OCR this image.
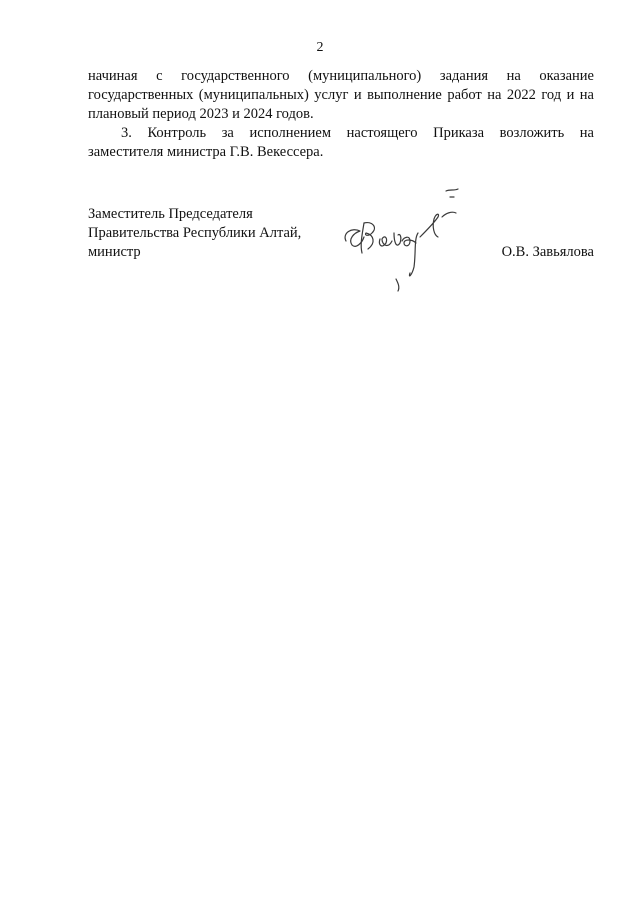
2

начиная с государственного (муниципального) задания на оказание
государственных (муниципальных) услуг и выполнение работ на 2022 год и на
плановый период 2023 и 2024 годов.

3. Контроль за исполнением настоящего Приказа возложить на
заместителя министра Г.В. Векессера.

Заместитель Председателя
Правительства Республики Алтай,
министр	О.В. Завьялова
